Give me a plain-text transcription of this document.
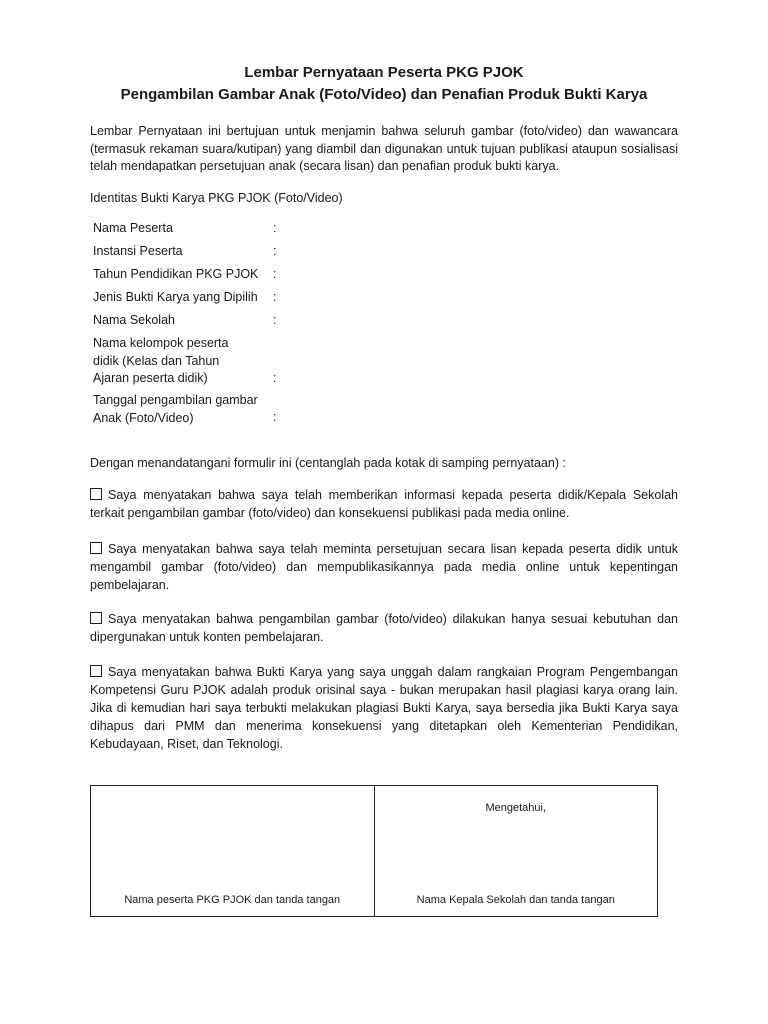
Lembar Pernyataan Peserta PKG PJOK
Pengambilan Gambar Anak (Foto/Video) dan Penafian Produk Bukti Karya
Lembar Pernyataan ini bertujuan untuk menjamin bahwa seluruh gambar (foto/video) dan wawancara (termasuk rekaman suara/kutipan) yang diambil dan digunakan untuk tujuan publikasi ataupun sosialisasi telah mendapatkan persetujuan anak (secara lisan) dan penafian produk bukti karya.
Identitas Bukti Karya PKG PJOK (Foto/Video)
Nama Peserta	:
Instansi Peserta	:
Tahun Pendidikan PKG PJOK	:
Jenis Bukti Karya yang Dipilih	:
Nama Sekolah	:
Nama kelompok peserta didik (Kelas dan Tahun Ajaran peserta didik)	:
Tanggal pengambilan gambar Anak (Foto/Video)	:
Dengan menandatangani formulir ini (centanglah pada kotak di samping pernyataan) :
Saya menyatakan bahwa saya telah memberikan informasi kepada peserta didik/Kepala Sekolah terkait pengambilan gambar (foto/video) dan konsekuensi publikasi pada media online.
Saya menyatakan bahwa saya telah meminta persetujuan secara lisan kepada peserta didik untuk mengambil gambar (foto/video) dan mempublikasikannya pada media online untuk kepentingan pembelajaran.
Saya menyatakan bahwa pengambilan gambar (foto/video) dilakukan hanya sesuai kebutuhan dan dipergunakan untuk konten pembelajaran.
Saya menyatakan bahwa Bukti Karya yang saya unggah dalam rangkaian Program Pengembangan Kompetensi Guru PJOK adalah produk orisinal saya - bukan merupakan hasil plagiasi karya orang lain. Jika di kemudian hari saya terbukti melakukan plagiasi Bukti Karya, saya bersedia jika Bukti Karya saya dihapus dari PMM dan menerima konsekuensi yang ditetapkan oleh Kementerian Pendidikan, Kebudayaan, Riset, dan Teknologi.
Nama peserta PKG PJOK dan tanda tangan
Mengetahui,
Nama Kepala Sekolah dan tanda tangan
